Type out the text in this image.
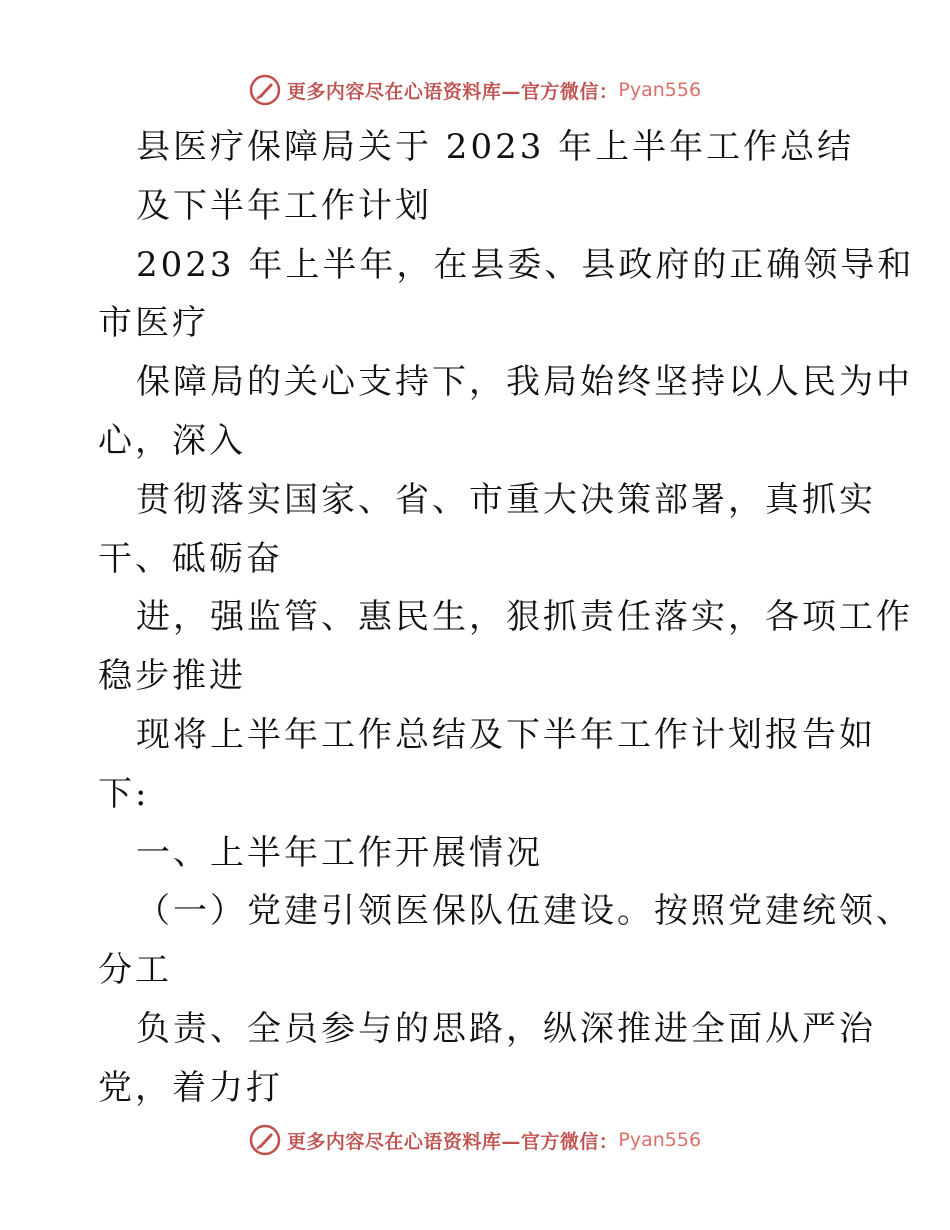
更多内容尽在心语资料库—官方微信： Pyan556
县医疗保障局关于 2023 年上半年工作总结
及下半年工作计划
2023 年上半年，在县委、县政府的正确领导和
市医疗
保障局的关心支持下，我局始终坚持以人民为中
心，深入
贯彻落实国家、省、市重大决策部署，真抓实
干、砥砺奋
进，强监管、惠民生，狠抓责任落实，各项工作
稳步推进
现将上半年工作总结及下半年工作计划报告如
下:
一、上半年工作开展情况
（一）党建引领医保队伍建设。按照党建统领、
分工
负责、全员参与的思路，纵深推进全面从严治
党，着力打
更多内容尽在心语资料库—官方微信： Pyan556
